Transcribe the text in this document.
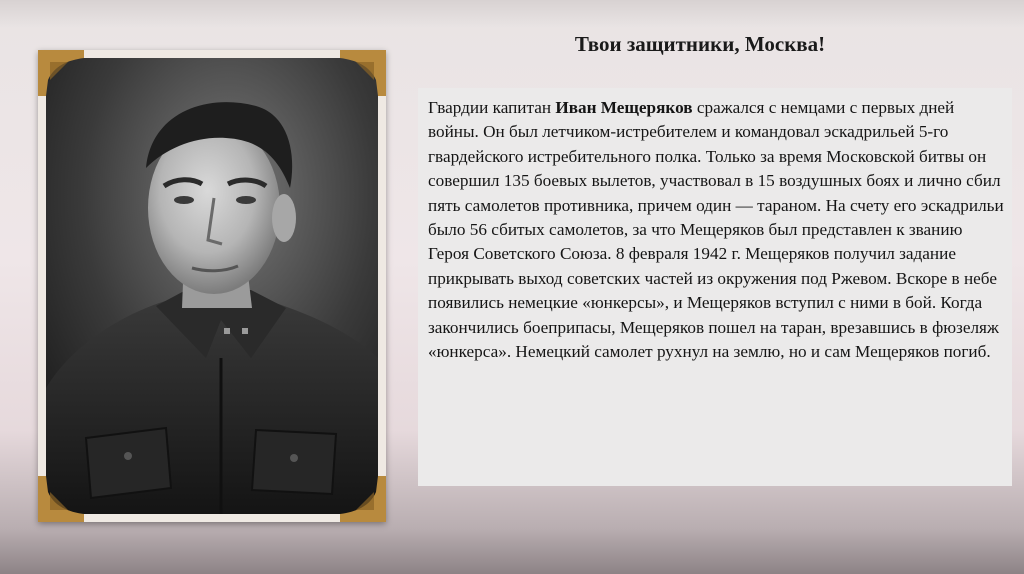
Твои защитники, Москва!

Гвардии капитан Иван Мещеряков сражался с немцами с первых дней войны. Он был летчиком-истребителем и командовал эскадрильей 5-го гвардейского истребительного полка. Только за время Московской битвы он совершил 135 боевых вылетов, участвовал в 15 воздушных боях и лично сбил пять самолетов противника, причем один — тараном. На счету его эскадрильи было 56 сбитых самолетов, за что Мещеряков был представлен к званию Героя Советского Союза. 8 февраля 1942 г. Мещеряков получил задание прикрывать выход советских частей из окружения под Ржевом. Вскоре в небе появились немецкие «юнкерсы», и Мещеряков вступил с ними в бой. Когда закончились боеприпасы, Мещеряков пошел на таран, врезавшись в фюзеляж «юнкерса». Немецкий самолет рухнул на землю, но и сам Мещеряков погиб.
